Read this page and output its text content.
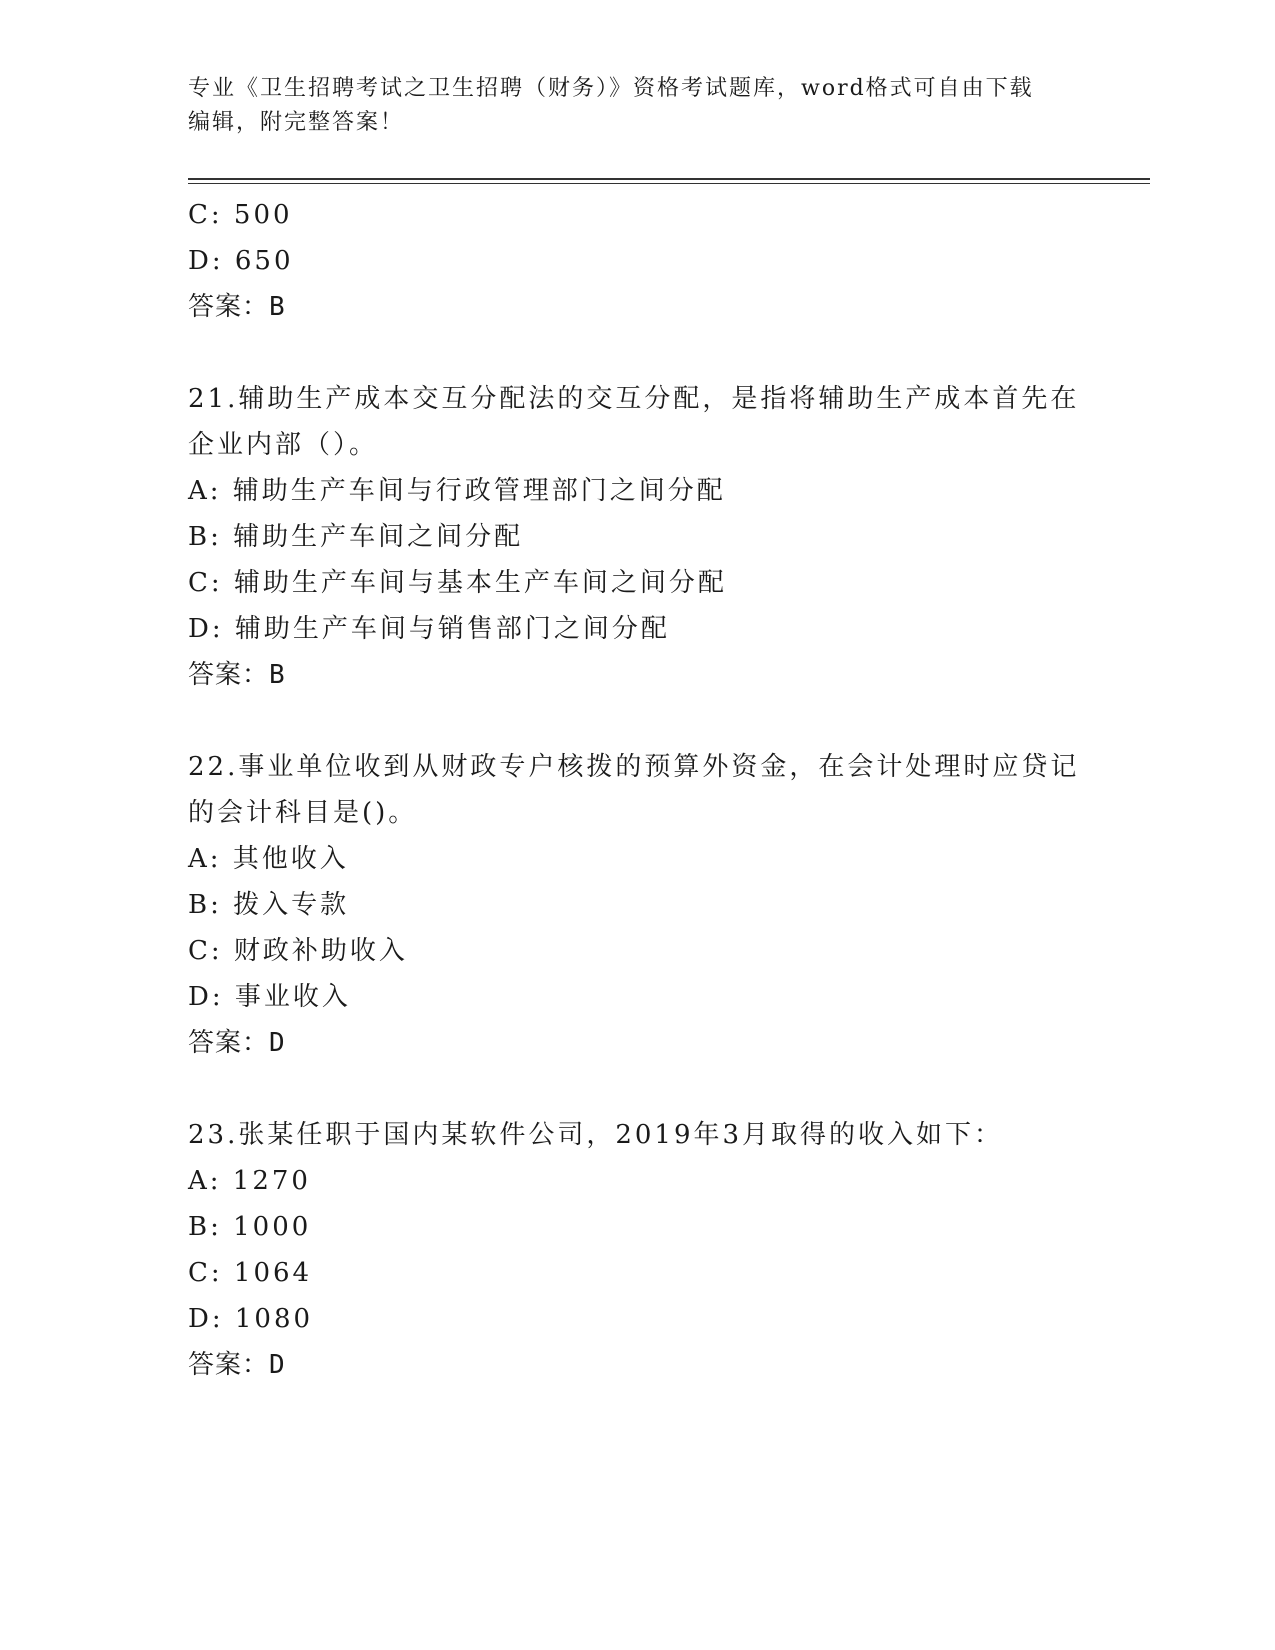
专业《卫生招聘考试之卫生招聘（财务）》资格考试题库，word格式可自由下载
编辑，附完整答案！
C: 500
D: 650
答案：B
21.辅助生产成本交互分配法的交互分配，是指将辅助生产成本首先在企业内部（）。
A: 辅助生产车间与行政管理部门之间分配
B: 辅助生产车间之间分配
C: 辅助生产车间与基本生产车间之间分配
D: 辅助生产车间与销售部门之间分配
答案：B
22.事业单位收到从财政专户核拨的预算外资金，在会计处理时应贷记的会计科目是()。
A: 其他收入
B: 拨入专款
C: 财政补助收入
D: 事业收入
答案：D
23.张某任职于国内某软件公司，2019年3月取得的收入如下：
A: 1270
B: 1000
C: 1064
D: 1080
答案：D
